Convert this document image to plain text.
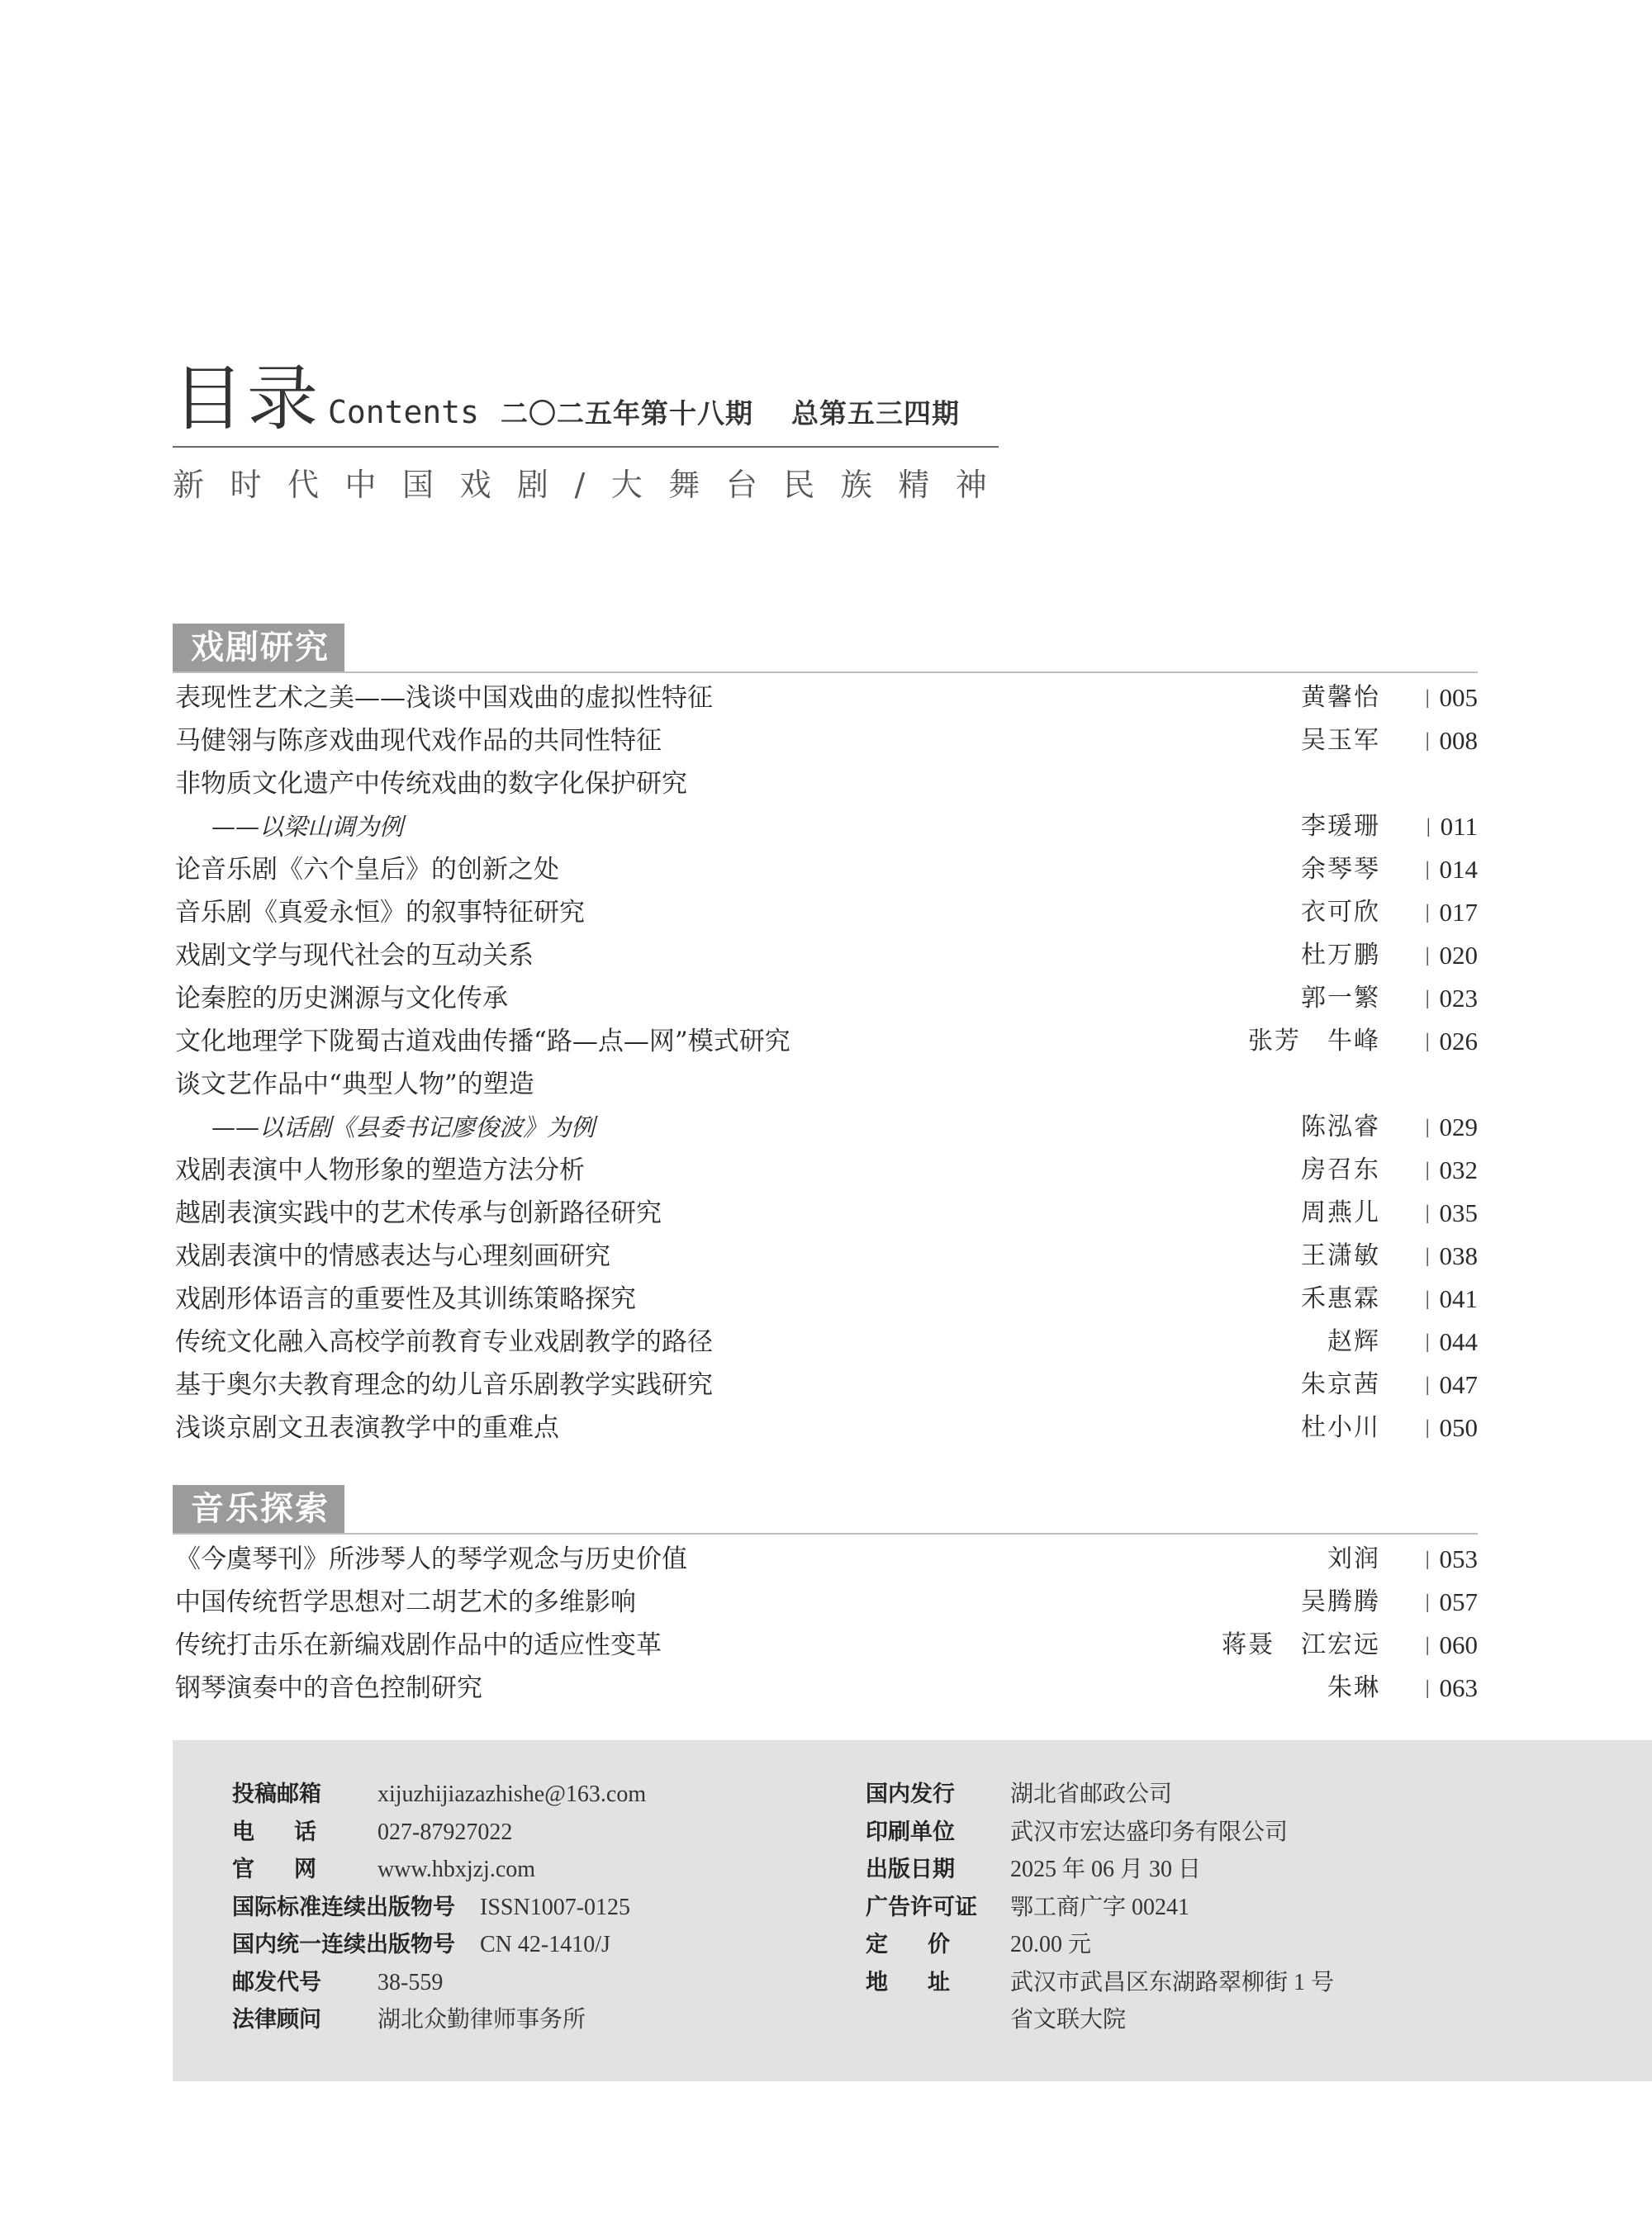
目录 Contents 二〇二五年第十八期 总第五三四期
新时代中国戏剧/大舞台民族精神
戏剧研究
表现性艺术之美——浅谈中国戏曲的虚拟性特征	黄馨怡	| 005
马健翎与陈彦戏曲现代戏作品的共同性特征	吴玉军	| 008
非物质文化遗产中传统戏曲的数字化保护研究
——以梁山调为例	李瑗珊	| 011
论音乐剧《六个皇后》的创新之处	余琴琴	| 014
音乐剧《真爱永恒》的叙事特征研究	衣可欣	| 017
戏剧文学与现代社会的互动关系	杜万鹏	| 020
论秦腔的历史渊源与文化传承	郭一繁	| 023
文化地理学下陇蜀古道戏曲传播“路—点—网”模式研究	张芳　牛峰	| 026
谈文艺作品中“典型人物”的塑造
——以话剧《县委书记廖俊波》为例	陈泓睿	| 029
戏剧表演中人物形象的塑造方法分析	房召东	| 032
越剧表演实践中的艺术传承与创新路径研究	周燕儿	| 035
戏剧表演中的情感表达与心理刻画研究	王潇敏	| 038
戏剧形体语言的重要性及其训练策略探究	禾惠霖	| 041
传统文化融入高校学前教育专业戏剧教学的路径	赵辉	| 044
基于奥尔夫教育理念的幼儿音乐剧教学实践研究	朱京茜	| 047
浅谈京剧文丑表演教学中的重难点	杜小川	| 050
音乐探索
《今虞琴刊》所涉琴人的琴学观念与历史价值	刘润	| 053
中国传统哲学思想对二胡艺术的多维影响	吴腾腾	| 057
传统打击乐在新编戏剧作品中的适应性变革	蒋聂　江宏远	| 060
钢琴演奏中的音色控制研究	朱琳	| 063
投稿邮箱 xijuzhijiazazhishe@163.com
电话 027-87927022
官网 www.hbxjzj.com
国际标准连续出版物号 ISSN1007-0125
国内统一连续出版物号 CN 42-1410/J
邮发代号 38-559
法律顾问 湖北众勤律师事务所
国内发行 湖北省邮政公司
印刷单位 武汉市宏达盛印务有限公司
出版日期 2025 年 06 月 30 日
广告许可证 鄂工商广字 00241
定价 20.00 元
地址 武汉市武昌区东湖路翠柳街 1 号
省文联大院
